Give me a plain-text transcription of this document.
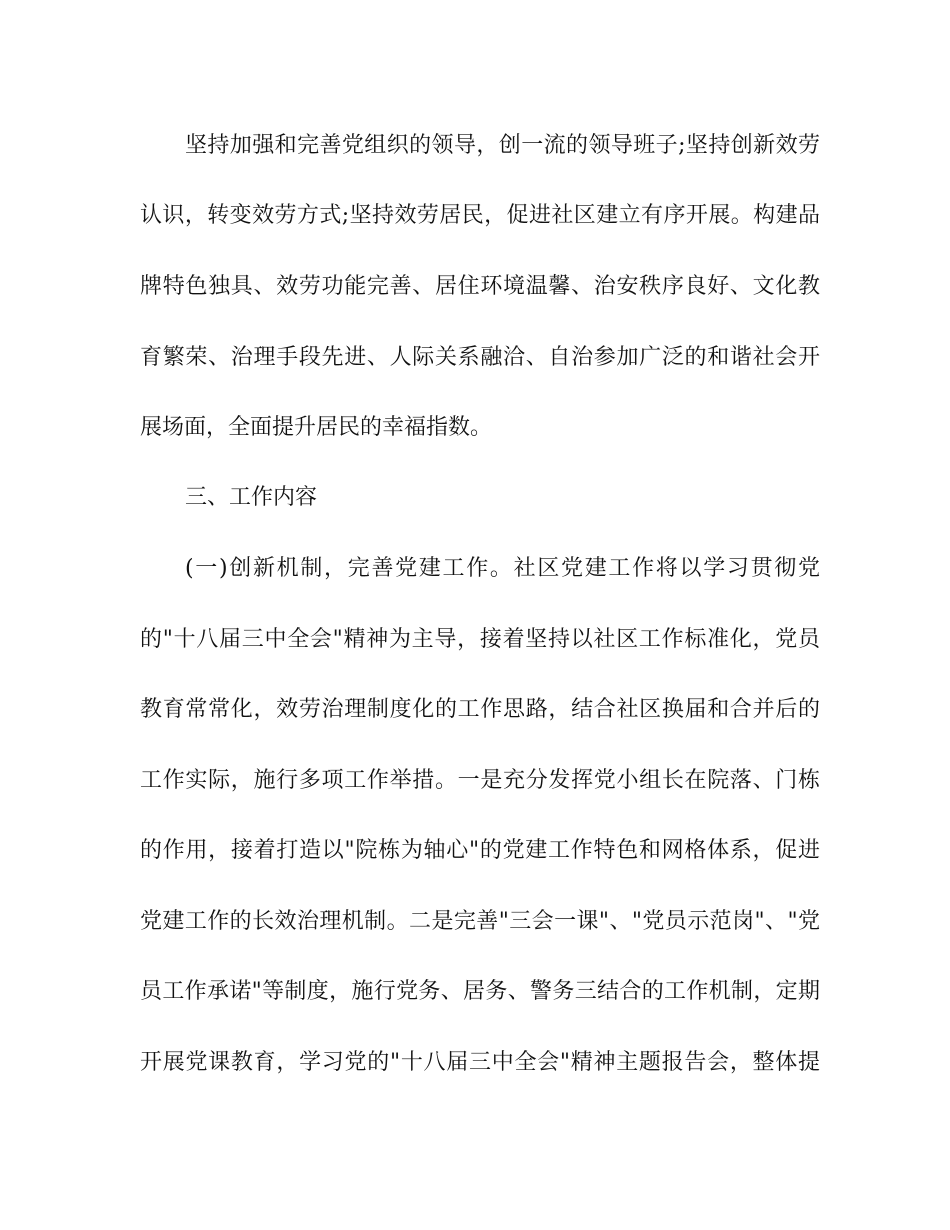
坚持加强和完善党组织的领导，创一流的领导班子;坚持创新效劳
认识，转变效劳方式;坚持效劳居民，促进社区建立有序开展。构建品
牌特色独具、效劳功能完善、居住环境温馨、治安秩序良好、文化教
育繁荣、治理手段先进、人际关系融洽、自治参加广泛的和谐社会开
展场面，全面提升居民的幸福指数。
三、工作内容
(一)创新机制，完善党建工作。社区党建工作将以学习贯彻党
的"十八届三中全会"精神为主导，接着坚持以社区工作标准化，党员
教育常常化，效劳治理制度化的工作思路，结合社区换届和合并后的
工作实际，施行多项工作举措。一是充分发挥党小组长在院落、门栋
的作用，接着打造以"院栋为轴心"的党建工作特色和网格体系，促进
党建工作的长效治理机制。二是完善"三会一课"、"党员示范岗"、"党
员工作承诺"等制度，施行党务、居务、警务三结合的工作机制，定期
开展党课教育，学习党的"十八届三中全会"精神主题报告会，整体提
